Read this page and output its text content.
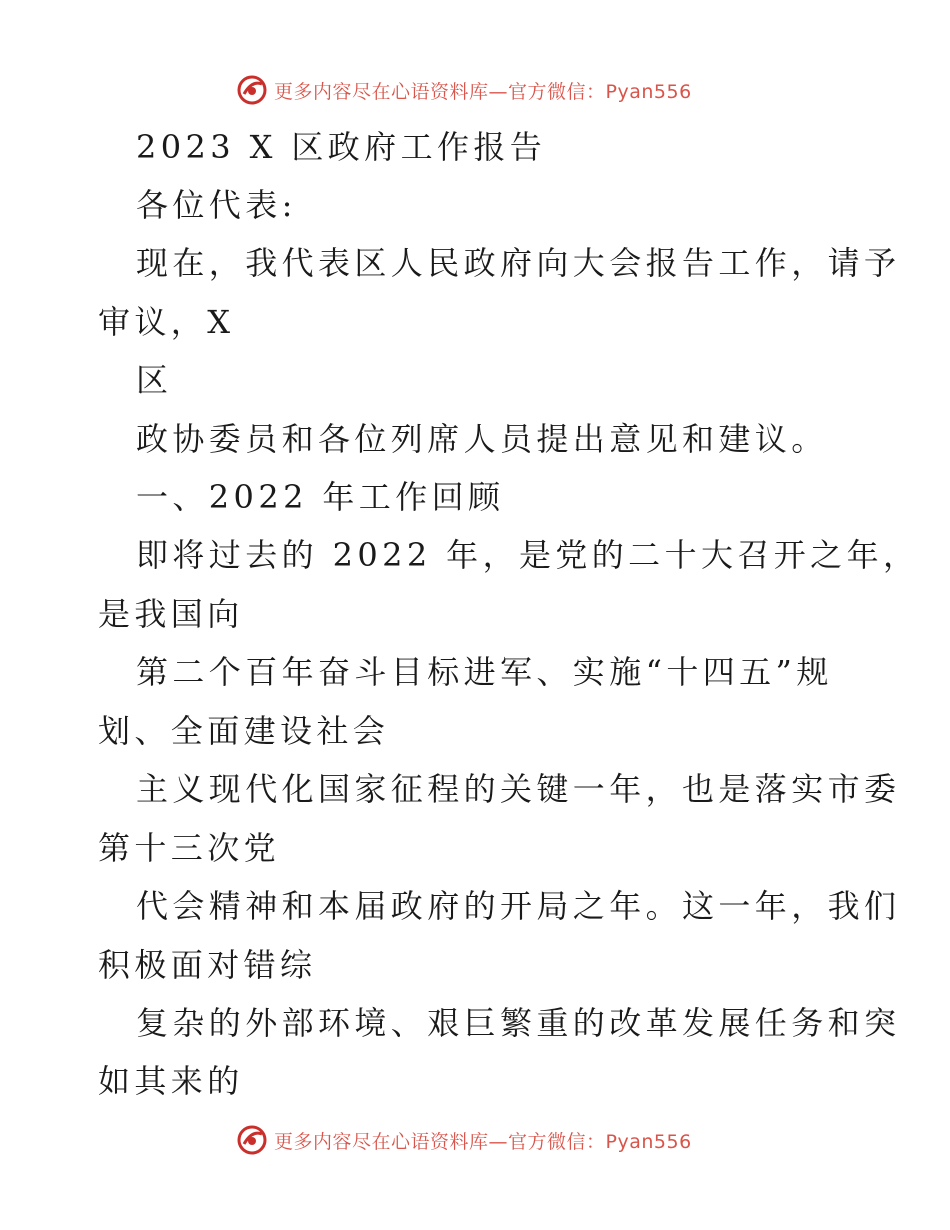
更多内容尽在心语资料库—官方微信：Pyan556
2023 X 区政府工作报告
各位代表:
现在，我代表区人民政府向大会报告工作，请予
审议，X
区
政协委员和各位列席人员提出意见和建议。
一、2022 年工作回顾
即将过去的 2022 年，是党的二十大召开之年，
是我国向
第二个百年奋斗目标进军、实施“十四五”规
划、全面建设社会
主义现代化国家征程的关键一年，也是落实市委
第十三次党
代会精神和本届政府的开局之年。这一年，我们
积极面对错综
复杂的外部环境、艰巨繁重的改革发展任务和突
如其来的
更多内容尽在心语资料库—官方微信：Pyan556
